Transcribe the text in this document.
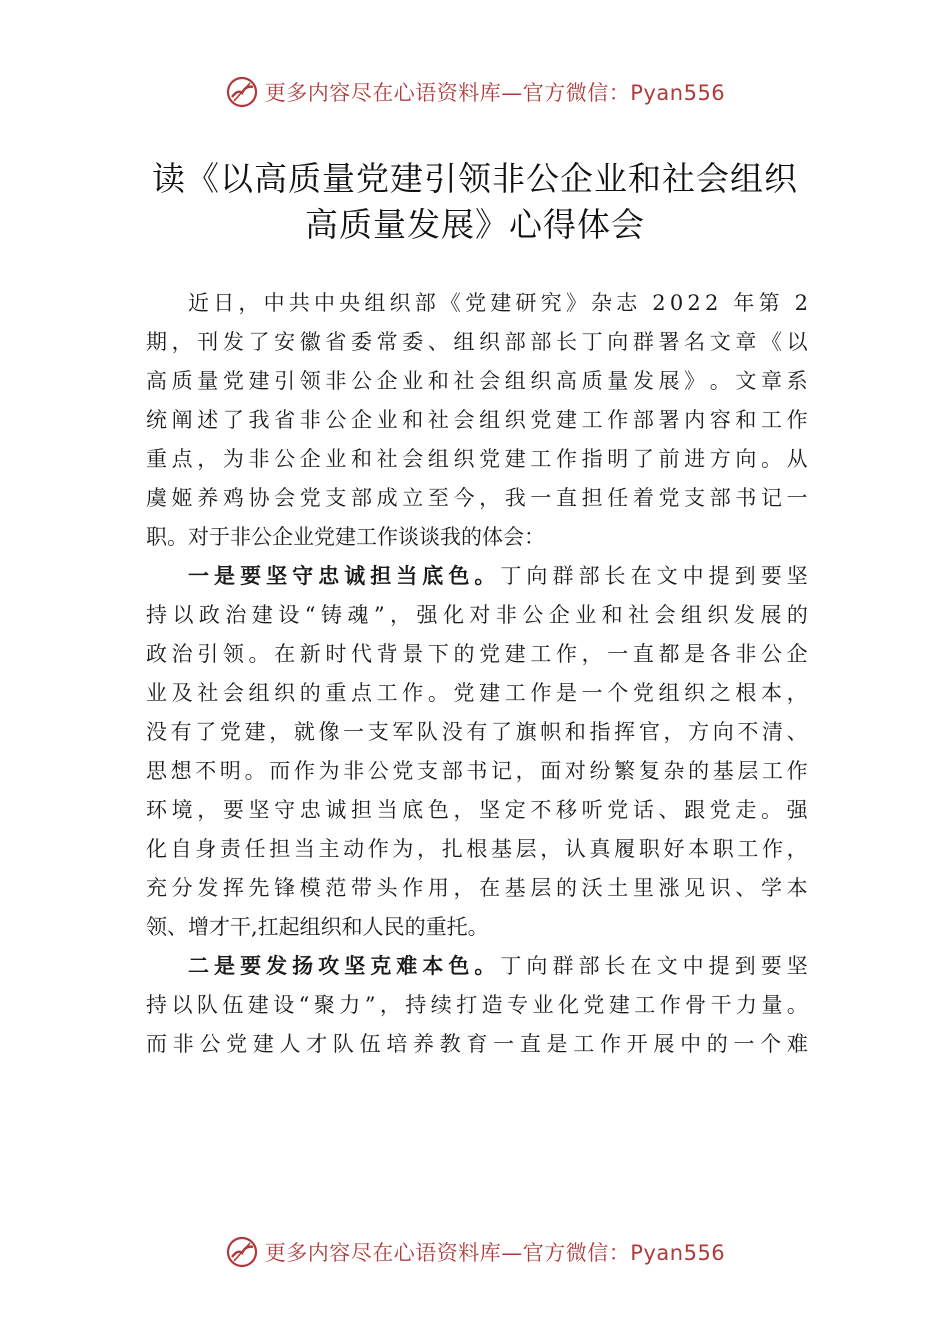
更多内容尽在心语资料库—官方微信：Pyan556
读《以高质量党建引领非公企业和社会组织
高质量发展》心得体会
近 日 ， 中 共 中 央 组 织 部 《 党 建 研 究 》 杂 志
2 0 2 2
年 第
2
期 ， 刊 发 了 安 徽 省 委 常 委 、 组 织 部 部 长 丁 向 群 署 名 文 章 《 以
高 质 量 党 建 引 领 非 公 企 业 和 社 会 组 织 高 质 量 发 展 》 。 文 章 系
统 阐 述 了 我 省 非 公 企 业 和 社 会 组 织 党 建 工 作 部 署 内 容 和 工 作
重 点 ， 为 非 公 企 业 和 社 会 组 织 党 建 工 作 指 明 了 前 进 方 向 。 从
虞 姬 养 鸡 协 会 党 支 部 成 立 至 今 ， 我 一 直 担 任 着 党 支 部 书 记 一
职。对于非公企业党建工作谈谈我的体会：
一 是 要 坚 守 忠 诚 担 当 底 色 。 丁 向 群 部 长 在 文 中 提 到 要 坚
持 以 政 治 建 设 “ 铸 魂 ” ， 强 化 对 非 公 企 业 和 社 会 组 织 发 展 的
政 治 引 领 。 在 新 时 代 背 景 下 的 党 建 工 作 ， 一 直 都 是 各 非 公 企
业 及 社 会 组 织 的 重 点 工 作 。 党 建 工 作 是 一 个 党 组 织 之 根 本 ，
没 有 了 党 建 ， 就 像 一 支 军 队 没 有 了 旗 帜 和 指 挥 官 ， 方 向 不 清 、
思 想 不 明 。 而 作 为 非 公 党 支 部 书 记 ， 面 对 纷 繁 复 杂 的 基 层 工 作
环 境 ， 要 坚 守 忠 诚 担 当 底 色 ， 坚 定 不 移 听 党 话 、 跟 党 走 。 强
化 自 身 责 任 担 当 主 动 作 为 ， 扎 根 基 层 ， 认 真 履 职 好 本 职 工 作 ，
充 分 发 挥 先 锋 模 范 带 头 作 用 ， 在 基 层 的 沃 土 里 涨 见 识 、 学 本
领、增才干,扛起组织和人民的重托。
二 是 要 发 扬 攻 坚 克 难 本 色 。 丁 向 群 部 长 在 文 中 提 到 要 坚
持 以 队 伍 建 设 “ 聚 力 ” ， 持 续 打 造 专 业 化 党 建 工 作 骨 干 力 量 。
而 非 公 党 建 人 才 队 伍 培 养 教 育 一 直 是 工 作 开 展 中 的 一 个 难
更多内容尽在心语资料库—官方微信：Pyan556
